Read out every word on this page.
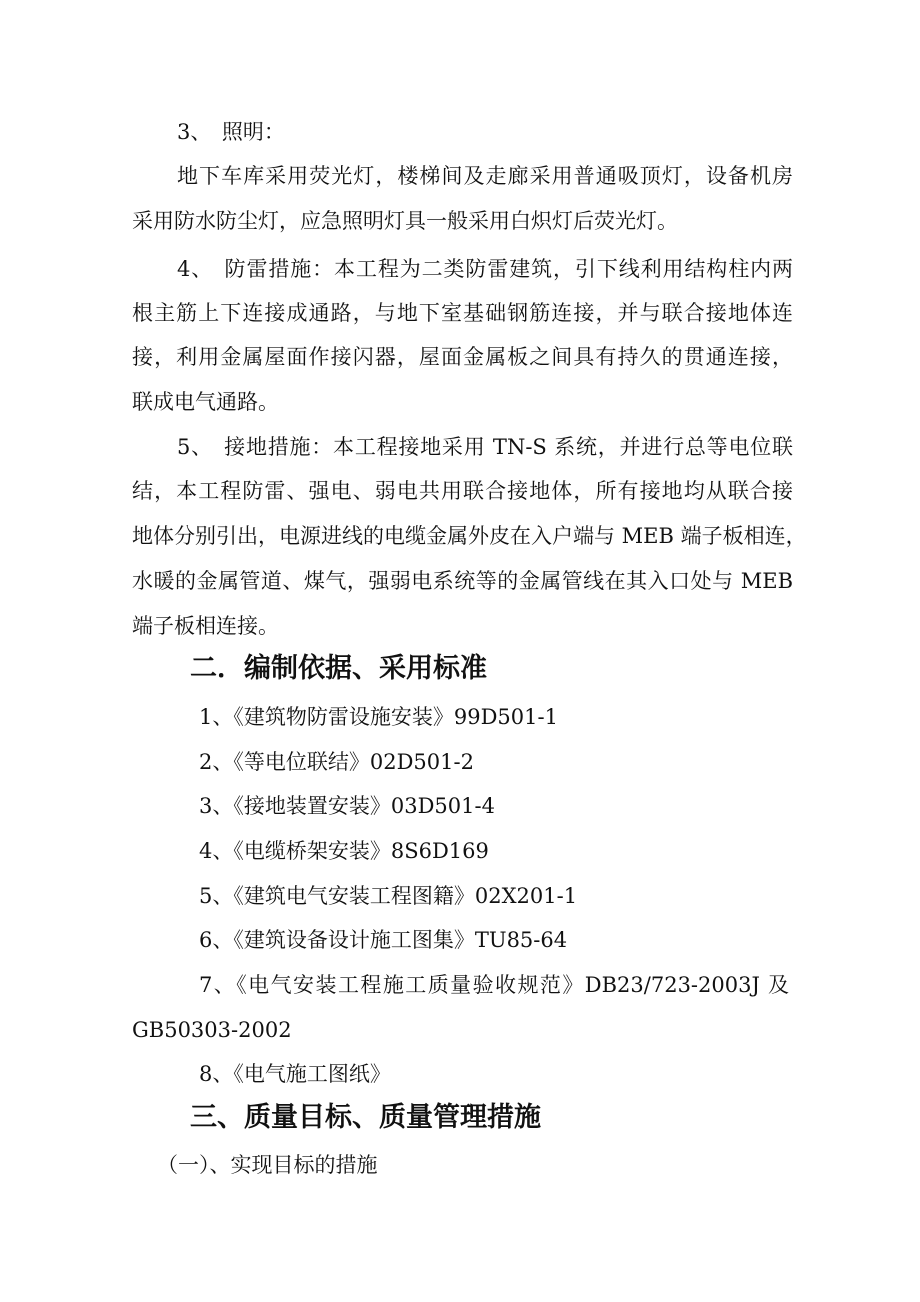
3、　照明：
地下车库采用荧光灯，楼梯间及走廊采用普通吸顶灯，设备机房
采用防水防尘灯，应急照明灯具一般采用白炽灯后荧光灯。
4、　防雷措施：本工程为二类防雷建筑，引下线利用结构柱内两
根主筋上下连接成通路，与地下室基础钢筋连接，并与联合接地体连
接，利用金属屋面作接闪器，屋面金属板之间具有持久的贯通连接，
联成电气通路。
5、　接地措施：本工程接地采用 TN-S 系统，并进行总等电位联
结，本工程防雷、强电、弱电共用联合接地体，所有接地均从联合接
地体分别引出，电源进线的电缆金属外皮在入户端与 MEB 端子板相连，
水暖的金属管道、煤气，强弱电系统等的金属管线在其入口处与 MEB
端子板相连接。
二．编制依据、采用标准
1、《建筑物防雷设施安装》99D501-1
2、《等电位联结》02D501-2
3、《接地装置安装》03D501-4
4、《电缆桥架安装》8S6D169
5、《建筑电气安装工程图籍》02X201-1
6、《建筑设备设计施工图集》TU85-64
7、《电气安装工程施工质量验收规范》DB23/723-2003J 及
GB50303-2002
8、《电气施工图纸》
三、质量目标、质量管理措施
（一）、实现目标的措施
